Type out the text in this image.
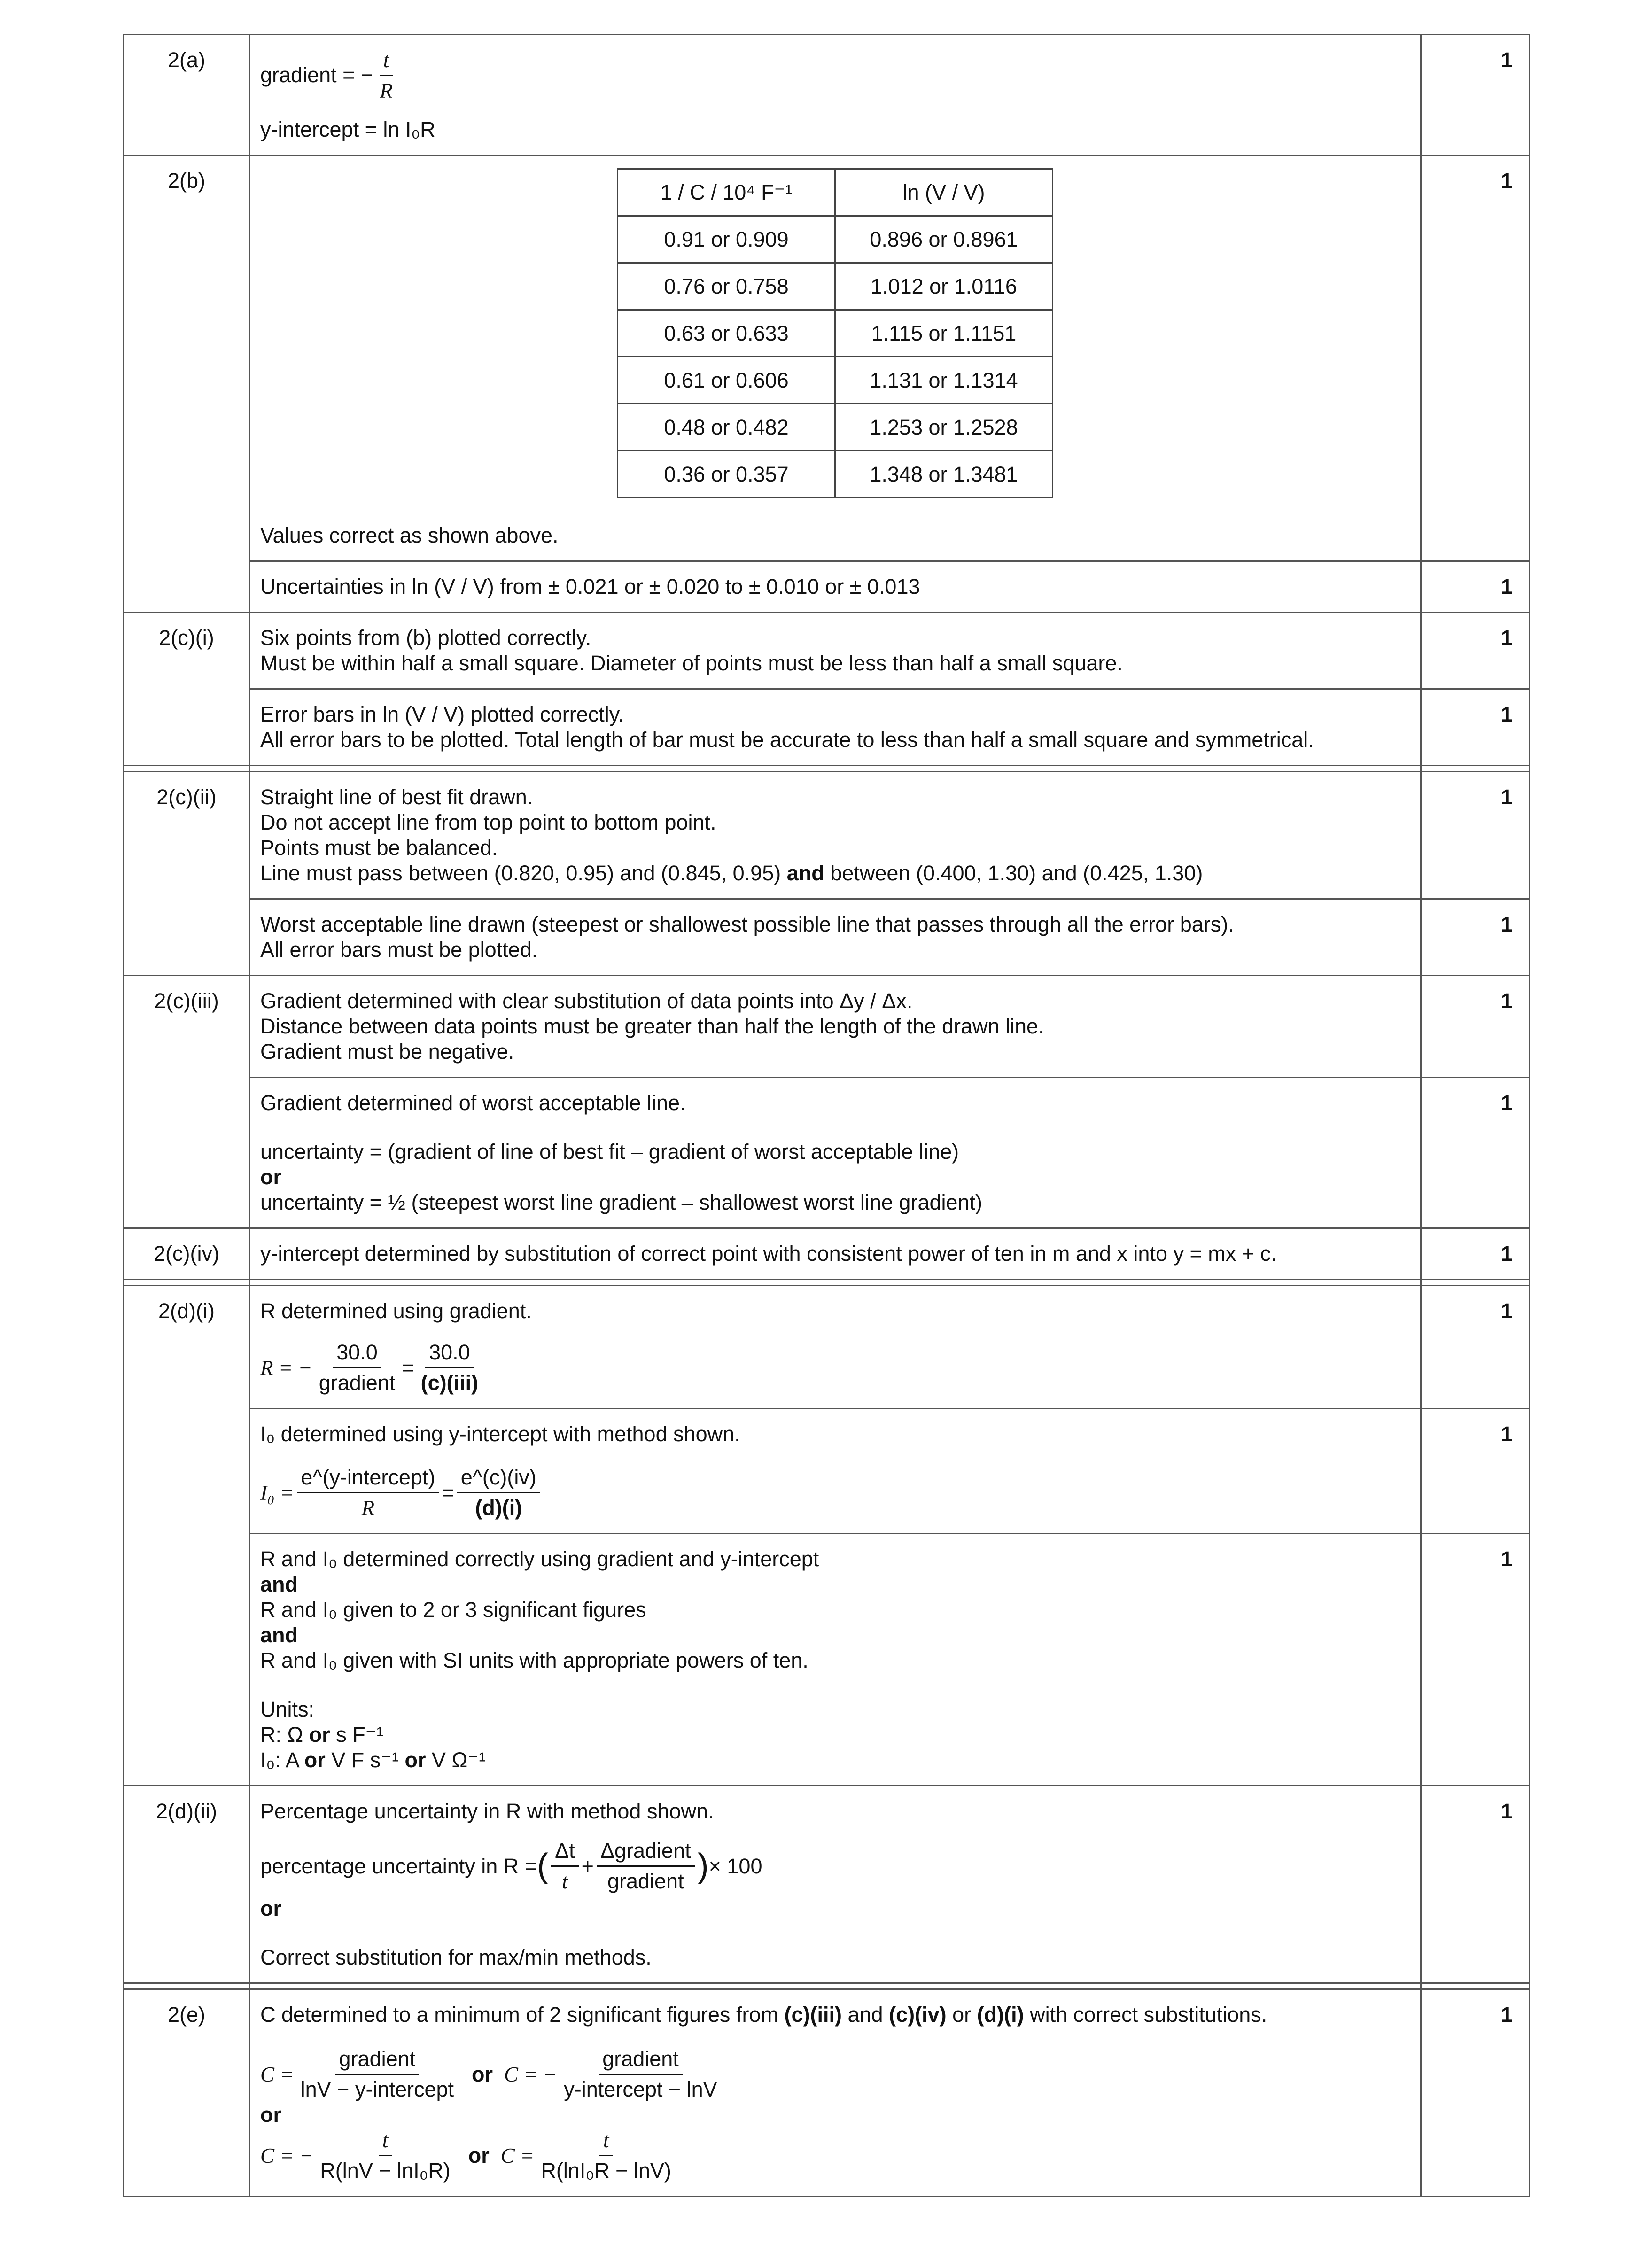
2(a)	
gradient = − $\frac{t}{R}$
y-intercept = ln I₀R
	1
2(b)		1 / C / 10⁴ F⁻¹	ln (V / V)
0.91 or 0.909	0.896 or 0.8961
0.76 or 0.758	1.012 or 1.0116
0.63 or 0.633	1.115 or 1.1151
0.61 or 0.606	1.131 or 1.1314
0.48 or 0.482	1.253 or 1.2528
0.36 or 0.357	1.348 or 1.3481
Values correct as shown above.
	1
Uncertainties in ln (V / V) from ± 0.021 or ± 0.020 to ± 0.010 or ± 0.013	1
2(c)(i)	Six points from (b) plotted correctly.
Must be within half a small square. Diameter of points must be less than half a small square.
	1

Error bars in ln (V / V) plotted correctly.
All error bars to be plotted. Total length of bar must be accurate to less than half a small square and symmetrical.
	1

2(c)(ii)	Straight line of best fit drawn.
Do not accept line from top point to bottom point.
Points must be balanced.
Line must pass between (0.820, 0.95) and (0.845, 0.95) and between (0.400, 1.30) and (0.425, 1.30)
	1

Worst acceptable line drawn (steepest or shallowest possible line that passes through all the error bars).
All error bars must be plotted.
	1
2(c)(iii)	Gradient determined with clear substitution of data points into Δy / Δx.
Distance between data points must be greater than half the length of the drawn line.
Gradient must be negative.
	1

Gradient determined of worst acceptable line.
uncertainty = (gradient of line of best fit – gradient of worst acceptable line)
or
uncertainty = ½ (steepest worst line gradient – shallowest worst line gradient)
	1
2(c)(iv)	y-intercept determined by substitution of correct point with consistent power of ten in m and x into y = mx + c.	1

2(d)(i)	R determined using gradient.
R = − $\frac{30.0}{\text{gradient}} = \frac{30.0}{\text{(c)(iii)}}$
	1

I₀ determined using y-intercept with method shown.
$I_0 = \frac{\text{e\textasciicircum{}(y-intercept)}}{R} = \frac{e\^{}(c)(iv)}{(d)(i)}$
	1

R and I₀ determined correctly using gradient and y-intercept
and
R and I₀ given to 2 or 3 significant figures
and
R and I₀ given with SI units with appropriate powers of ten.
Units:
R: Ω or s F⁻¹
I₀: A or V F s⁻¹ or V Ω⁻¹
	1
2(d)(ii)	Percentage uncertainty in R with method shown.
percentage uncertainty in R = ( $\frac{\Delta t}{t} + \frac{\text{Δgradient}}{\text{gradient}}$ ) × 100
or
Correct substitution for max/min methods.
	1

2(e)	C determined to a minimum of 2 significant figures from (c)(iii) and (c)(iv) or (d)(i) with correct substitutions.
$C = \frac{\text{gradient}}{\text{lnV − y-intercept}}$ or C = − $\frac{\text{gradient}}{\text{y-intercept − lnV}}$
or
C = − $\frac{t}{\text{R(lnV − lnI₀R)}}$ or $C = \frac{t}{\text{R(lnI₀R − lnV)}}$
	1
